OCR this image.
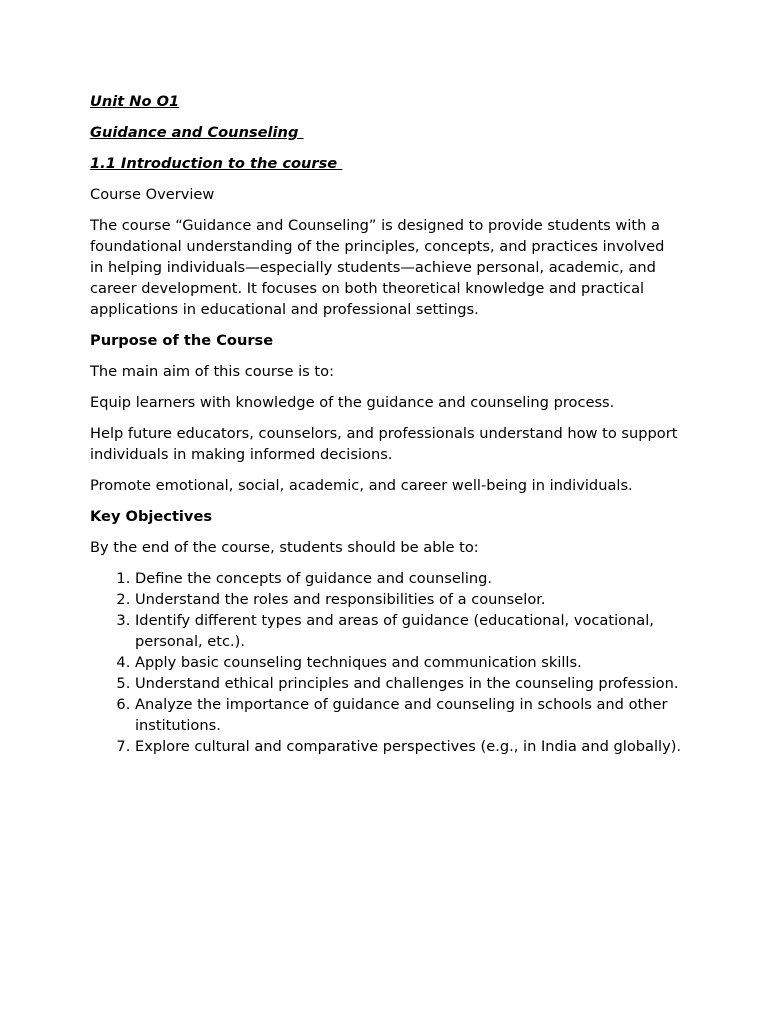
Unit No O1
Guidance and Counseling
1.1 Introduction to the course

Course Overview

The course “Guidance and Counseling” is designed to provide students with a foundational understanding of the principles, concepts, and practices involved in helping individuals—especially students—achieve personal, academic, and career development. It focuses on both theoretical knowledge and practical applications in educational and professional settings.

Purpose of the Course

The main aim of this course is to:

Equip learners with knowledge of the guidance and counseling process.

Help future educators, counselors, and professionals understand how to support individuals in making informed decisions.

Promote emotional, social, academic, and career well-being in individuals.

Key Objectives

By the end of the course, students should be able to:

1. Define the concepts of guidance and counseling.
2. Understand the roles and responsibilities of a counselor.
3. Identify different types and areas of guidance (educational, vocational, personal, etc.).
4. Apply basic counseling techniques and communication skills.
5. Understand ethical principles and challenges in the counseling profession.
6. Analyze the importance of guidance and counseling in schools and other institutions.
7. Explore cultural and comparative perspectives (e.g., in India and globally).
